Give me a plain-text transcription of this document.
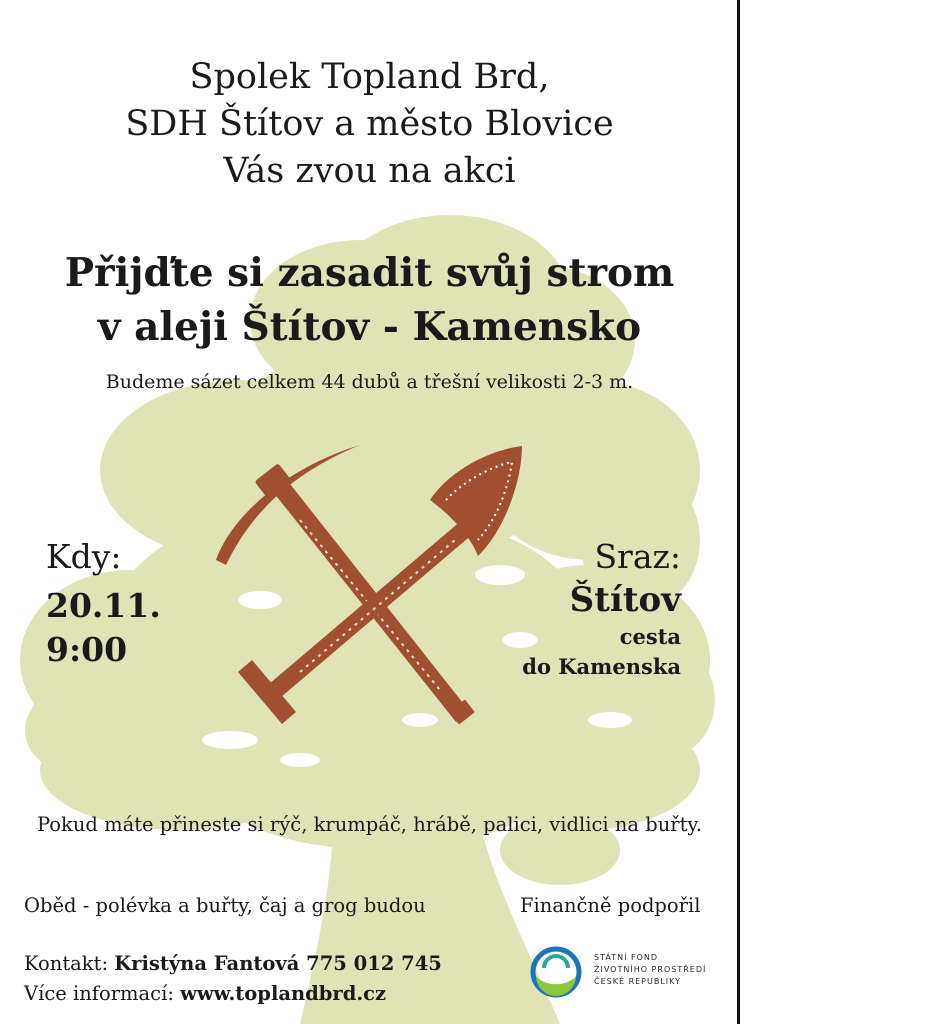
Spolek Topland Brd,
SDH Štítov a město Blovice
Vás zvou na akci
Přijďte si zasadit svůj strom
v aleji Štítov - Kamensko
Budeme sázet celkem 44 dubů a třešní velikosti 2-3 m.
Kdy:
20.11.
9:00
Sraz:
Štítov
cesta
do Kamenska
Pokud máte přineste si rýč, krumpáč, hrábě, palici, vidlici na buřty.
Oběd - polévka a buřty, čaj a grog budou	Finančně podpořil
Kontakt: Kristýna Fantová 775 012 745
Více informací: www.toplandbrd.cz
STÁTNÍ FOND
ŽIVOTNÍHO PROSTŘEDÍ
ČESKÉ REPUBLIKY
